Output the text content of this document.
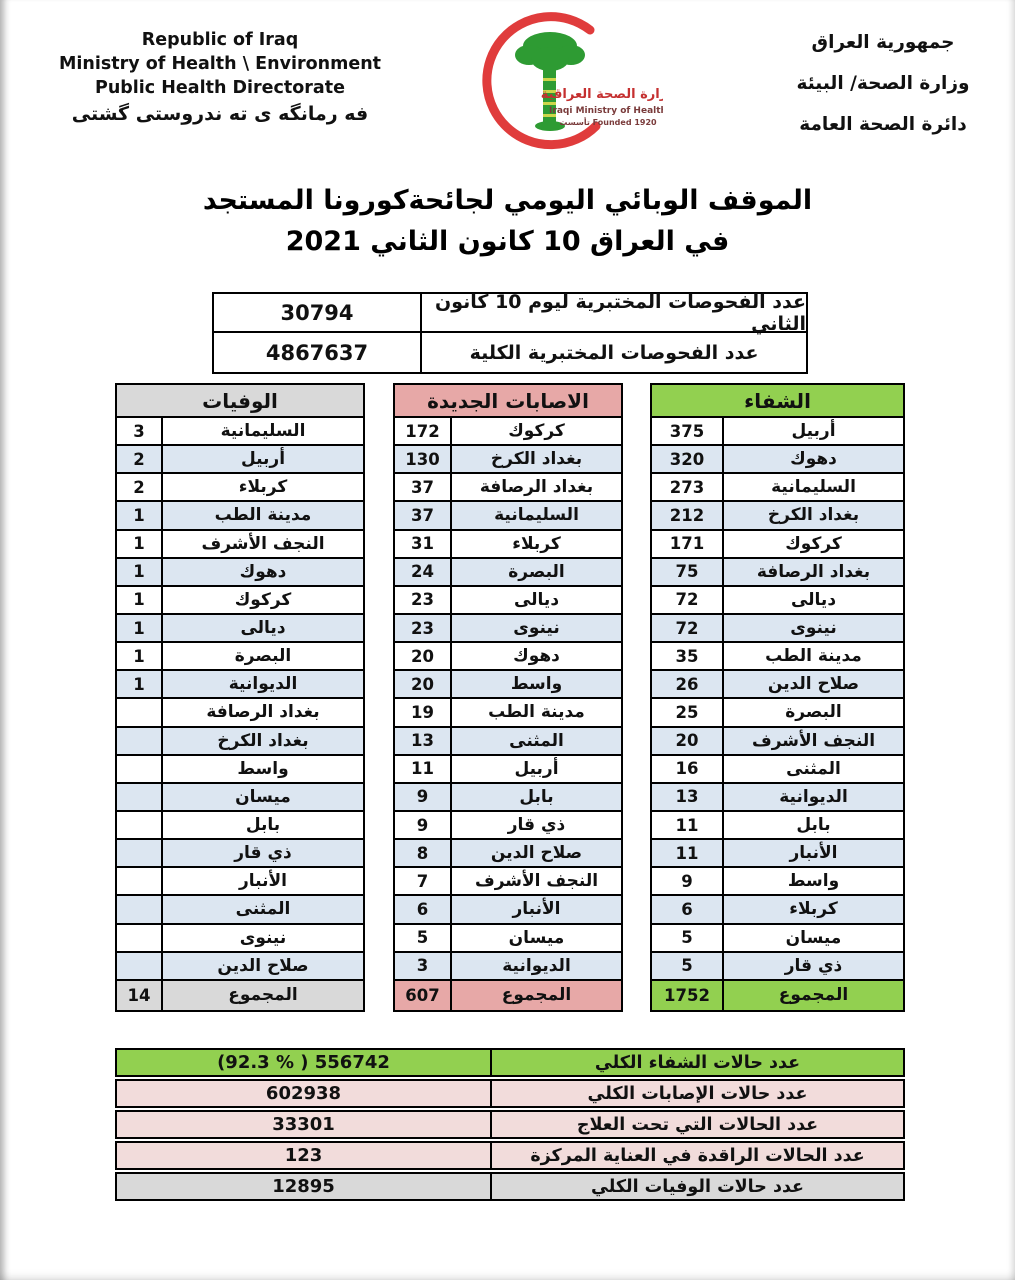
Republic of Iraq
Ministry of Health \ Environment
Public Health Directorate
فه رمانگه ی ته ندروستی گشتی
وزارة الصحة العراقية
Iraqi Ministry of Health
تأسست Founded 1920
جمهورية العراق
وزارة الصحة/ البيئة
دائرة الصحة العامة
الموقف الوبائي اليومي لجائحةكورونا المستجد
في العراق 10 كانون الثاني 2021
30794	عدد الفحوصات المختبرية ليوم 10 كانون الثاني
4867637	عدد الفحوصات المختبرية الكلية
الوفيات
3	السليمانية
2	أربيل
2	كربلاء
1	مدينة الطب
1	النجف الأشرف
1	دهوك
1	كركوك
1	ديالى
1	البصرة
1	الديوانية
بغداد الرصافة
بغداد الكرخ
واسط
ميسان
بابل
ذي قار
الأنبار
المثنى
نينوى
صلاح الدين
14	المجموع
الاصابات الجديدة
172	كركوك
130	بغداد الكرخ
37	بغداد الرصافة
37	السليمانية
31	كربلاء
24	البصرة
23	ديالى
23	نينوى
20	دهوك
20	واسط
19	مدينة الطب
13	المثنى
11	أربيل
9	بابل
9	ذي قار
8	صلاح الدين
7	النجف الأشرف
6	الأنبار
5	ميسان
3	الديوانية
607	المجموع
الشفاء
375	أربيل
320	دهوك
273	السليمانية
212	بغداد الكرخ
171	كركوك
75	بغداد الرصافة
72	ديالى
72	نينوى
35	مدينة الطب
26	صلاح الدين
25	البصرة
20	النجف الأشرف
16	المثنى
13	الديوانية
11	بابل
11	الأنبار
9	واسط
6	كربلاء
5	ميسان
5	ذي قار
1752	المجموع
(92.3 % ) 556742	عدد حالات الشفاء الكلي
602938	عدد حالات الإصابات الكلي
33301	عدد الحالات التي تحت العلاج
123	عدد الحالات الراقدة في العناية المركزة
12895	عدد حالات الوفيات الكلي
